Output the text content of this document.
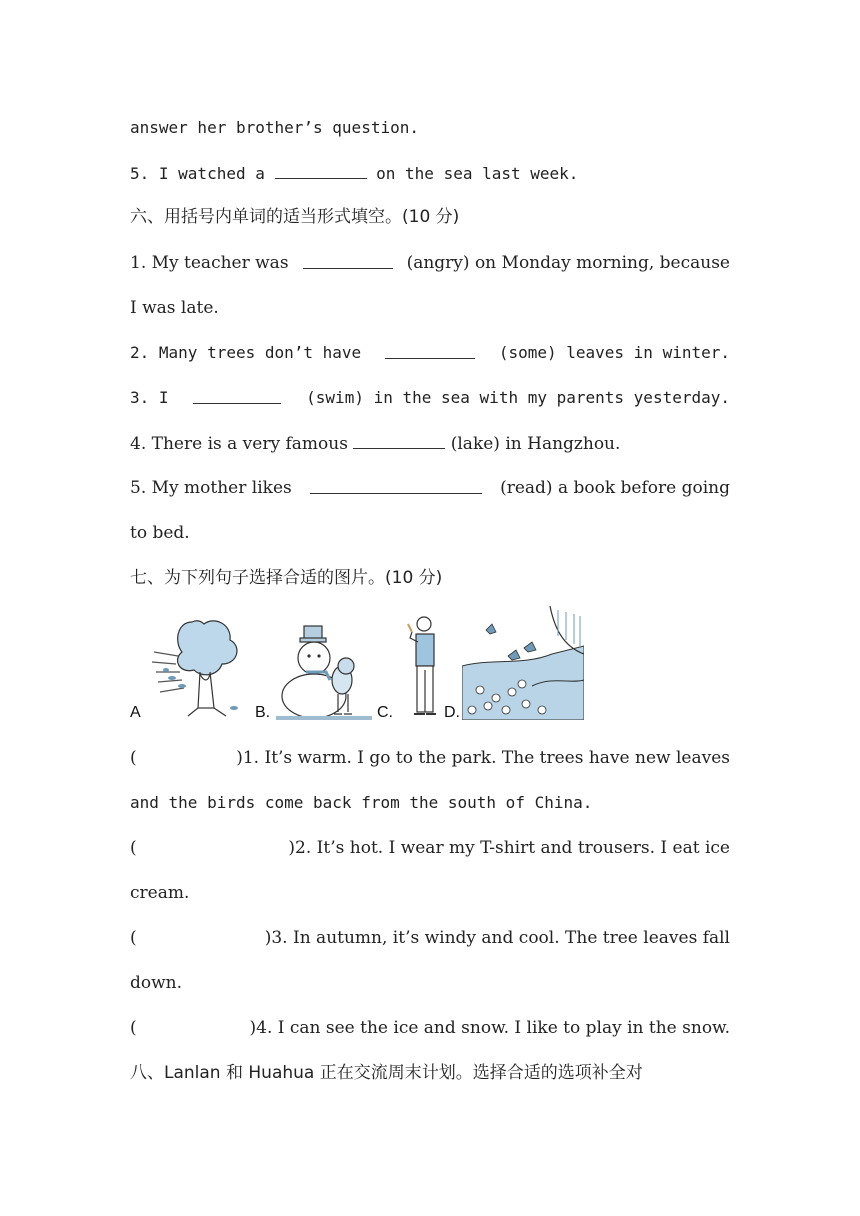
answer her brother’s question.
5. I watched a	on the sea last week.
六、用括号内单词的适当形式填空。(10 分)
1. My teacher was	(angry) on Monday morning, because
I was late.
2. Many trees don’t have	(some) leaves in winter.
3. I	(swim) in the sea with my parents yesterday.
4. There is a very famous	(lake) in Hangzhou.
5. My mother likes	(read) a book before going
to bed.
七、为下列句子选择合适的图片。(10 分)
A	B.	C.	D.
(	)1. It’s warm. I go to the park. The trees have new leaves
and the birds come back from the south of China.
(	)2. It’s hot. I wear my T-shirt and trousers. I eat ice
cream.
(	)3. In autumn, it’s windy and cool. The tree leaves fall
down.
(	)4. I can see the ice and snow. I like to play in the snow.
八、Lanlan 和 Huahua 正在交流周末计划。选择合适的选项补全对
